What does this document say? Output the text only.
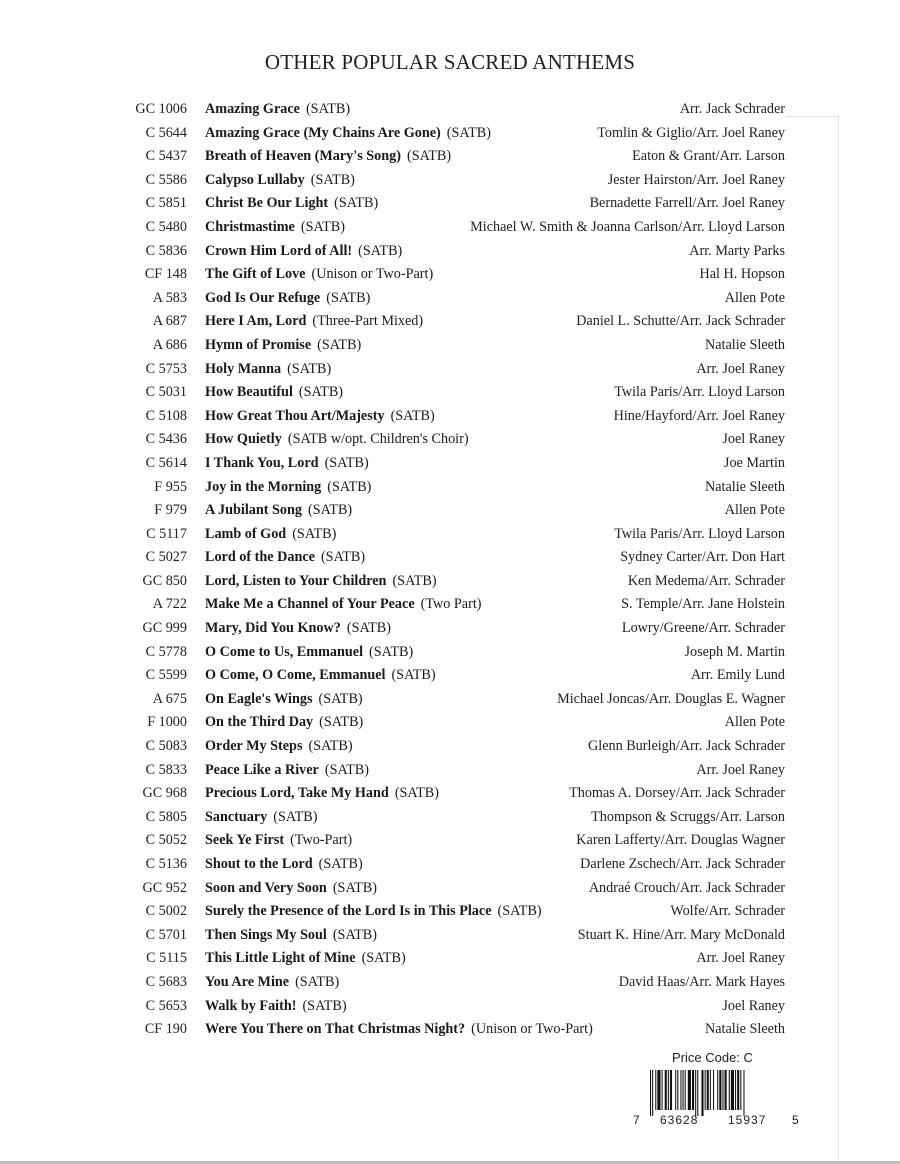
OTHER POPULAR SACRED ANTHEMS
GC 1006 Amazing Grace (SATB)	Arr. Jack Schrader
C 5644 Amazing Grace (My Chains Are Gone) (SATB)	Tomlin & Giglio/Arr. Joel Raney
C 5437 Breath of Heaven (Mary's Song) (SATB)	Eaton & Grant/Arr. Larson
C 5586 Calypso Lullaby (SATB)	Jester Hairston/Arr. Joel Raney
C 5851 Christ Be Our Light (SATB)	Bernadette Farrell/Arr. Joel Raney
C 5480 Christmastime (SATB)	Michael W. Smith & Joanna Carlson/Arr. Lloyd Larson
C 5836 Crown Him Lord of All! (SATB)	Arr. Marty Parks
CF 148 The Gift of Love (Unison or Two-Part)	Hal H. Hopson
A 583 God Is Our Refuge (SATB)	Allen Pote
A 687 Here I Am, Lord (Three-Part Mixed)	Daniel L. Schutte/Arr. Jack Schrader
A 686 Hymn of Promise (SATB)	Natalie Sleeth
C 5753 Holy Manna (SATB)	Arr. Joel Raney
C 5031 How Beautiful (SATB)	Twila Paris/Arr. Lloyd Larson
C 5108 How Great Thou Art/Majesty (SATB)	Hine/Hayford/Arr. Joel Raney
C 5436 How Quietly (SATB w/opt. Children's Choir)	Joel Raney
C 5614 I Thank You, Lord (SATB)	Joe Martin
F 955 Joy in the Morning (SATB)	Natalie Sleeth
F 979 A Jubilant Song (SATB)	Allen Pote
C 5117 Lamb of God (SATB)	Twila Paris/Arr. Lloyd Larson
C 5027 Lord of the Dance (SATB)	Sydney Carter/Arr. Don Hart
GC 850 Lord, Listen to Your Children (SATB)	Ken Medema/Arr. Schrader
A 722 Make Me a Channel of Your Peace (Two Part)	S. Temple/Arr. Jane Holstein
GC 999 Mary, Did You Know? (SATB)	Lowry/Greene/Arr. Schrader
C 5778 O Come to Us, Emmanuel (SATB)	Joseph M. Martin
C 5599 O Come, O Come, Emmanuel (SATB)	Arr. Emily Lund
A 675 On Eagle's Wings (SATB)	Michael Joncas/Arr. Douglas E. Wagner
F 1000 On the Third Day (SATB)	Allen Pote
C 5083 Order My Steps (SATB)	Glenn Burleigh/Arr. Jack Schrader
C 5833 Peace Like a River (SATB)	Arr. Joel Raney
GC 968 Precious Lord, Take My Hand (SATB)	Thomas A. Dorsey/Arr. Jack Schrader
C 5805 Sanctuary (SATB)	Thompson & Scruggs/Arr. Larson
C 5052 Seek Ye First (Two-Part)	Karen Lafferty/Arr. Douglas Wagner
C 5136 Shout to the Lord (SATB)	Darlene Zschech/Arr. Jack Schrader
GC 952 Soon and Very Soon (SATB)	Andraé Crouch/Arr. Jack Schrader
C 5002 Surely the Presence of the Lord Is in This Place (SATB)	Wolfe/Arr. Schrader
C 5701 Then Sings My Soul (SATB)	Stuart K. Hine/Arr. Mary McDonald
C 5115 This Little Light of Mine (SATB)	Arr. Joel Raney
C 5683 You Are Mine (SATB)	David Haas/Arr. Mark Hayes
C 5653 Walk by Faith! (SATB)	Joel Raney
CF 190 Were You There on That Christmas Night? (Unison or Two-Part)	Natalie Sleeth
Price Code: C
7 63628 15937 5
